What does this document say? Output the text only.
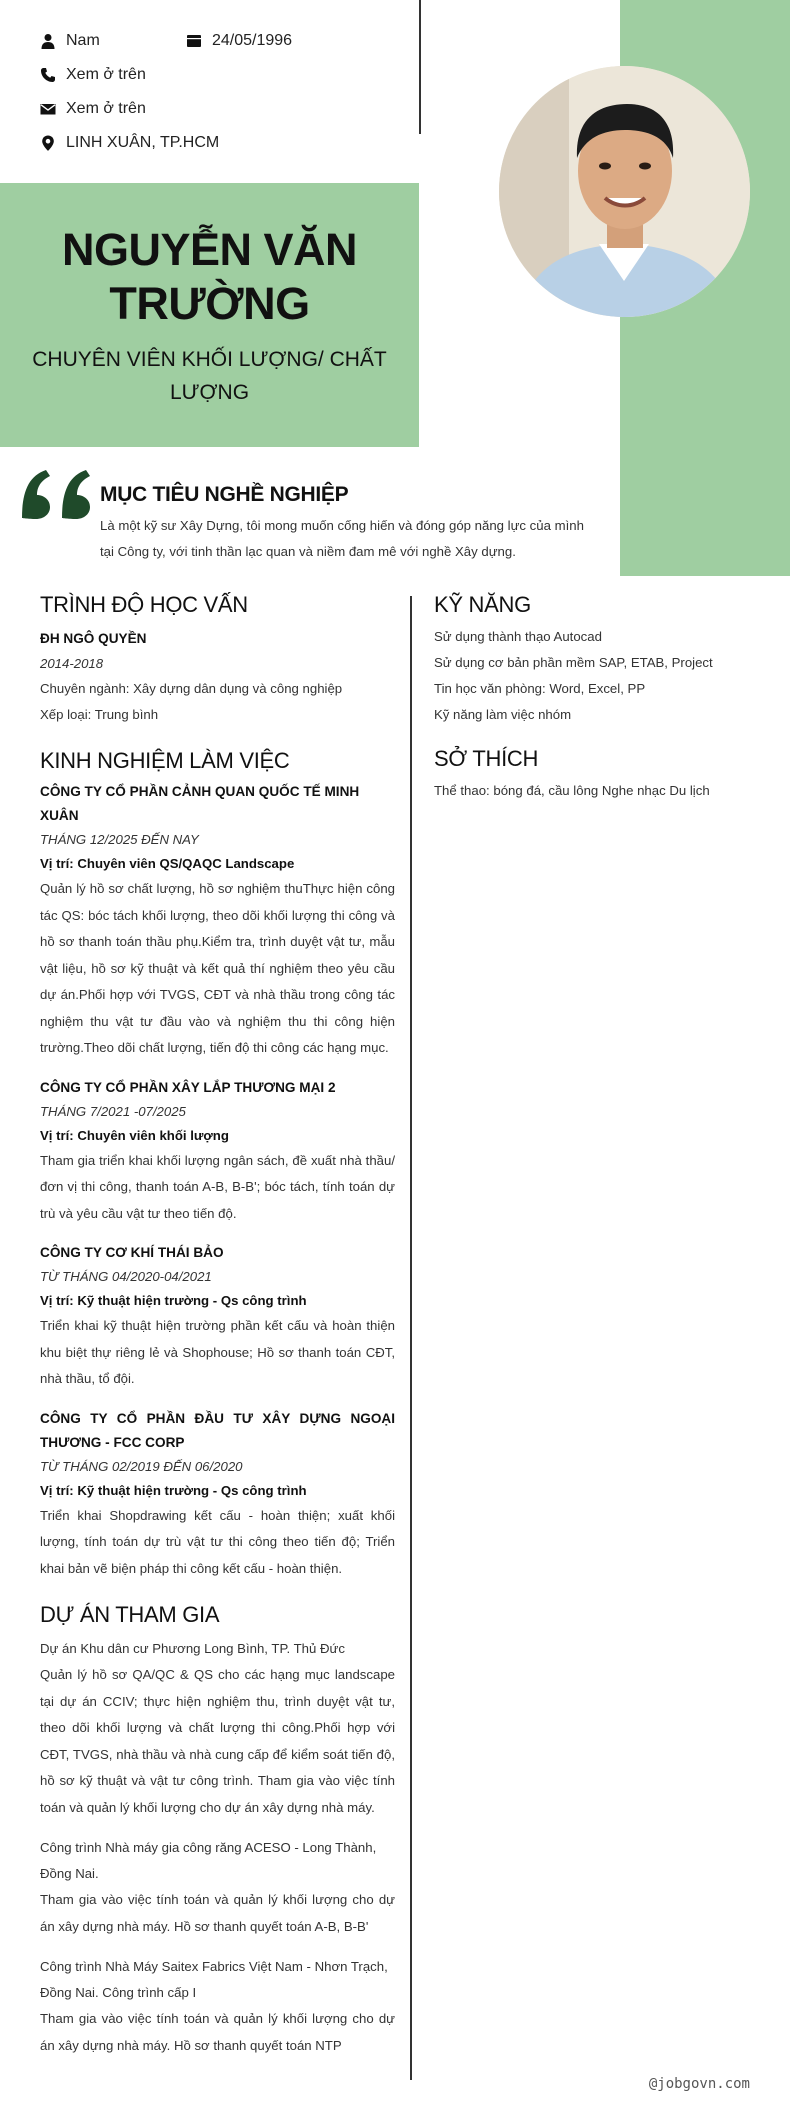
Nam	24/05/1996
Xem ở trên
Xem ở trên
LINH XUÂN, TP.HCM
NGUYỄN VĂN TRƯỜNG
CHUYÊN VIÊN KHỐI LƯỢNG/ CHẤT LƯỢNG
MỤC TIÊU NGHỀ NGHIỆP
Là một kỹ sư Xây Dựng, tôi mong muốn cống hiến và đóng góp năng lực của mình tại Công ty, với tinh thần lạc quan và niềm đam mê với nghề Xây dựng.
TRÌNH ĐỘ HỌC VẤN
ĐH NGÔ QUYỀN
2014-2018
Chuyên ngành: Xây dựng dân dụng và công nghiệp
Xếp loại: Trung bình
KINH NGHIỆM LÀM VIỆC
CÔNG TY CỔ PHẦN CẢNH QUAN QUỐC TẾ MINH XUÂN
THÁNG 12/2025 ĐẾN NAY
Vị trí: Chuyên viên QS/QAQC Landscape
Quản lý hồ sơ chất lượng, hồ sơ nghiệm thuThực hiện công tác QS: bóc tách khối lượng, theo dõi khối lượng thi công và hồ sơ thanh toán thầu phụ.Kiểm tra, trình duyệt vật tư, mẫu vật liệu, hồ sơ kỹ thuật và kết quả thí nghiệm theo yêu cầu dự án.Phối hợp với TVGS, CĐT và nhà thầu trong công tác nghiệm thu vật tư đầu vào và nghiệm thu thi công hiện trường.Theo dõi chất lượng, tiến độ thi công các hạng mục.
CÔNG TY CỔ PHẦN XÂY LẮP THƯƠNG MẠI 2
THÁNG 7/2021 -07/2025
Vị trí: Chuyên viên khối lượng
Tham gia triển khai khối lượng ngân sách, đề xuất nhà thầu/ đơn vị thi công, thanh toán A-B, B-B'; bóc tách, tính toán dự trù và yêu cầu vật tư theo tiến độ.
CÔNG TY CƠ KHÍ THÁI BẢO
TỪ THÁNG 04/2020-04/2021
Vị trí: Kỹ thuật hiện trường - Qs công trình
Triển khai kỹ thuật hiện trường phần kết cấu và hoàn thiện khu biệt thự riêng lẻ và Shophouse; Hồ sơ thanh toán CĐT, nhà thầu, tổ đội.
CÔNG TY CỔ PHẦN ĐẦU TƯ XÂY DỰNG NGOẠI THƯƠNG - FCC CORP
TỪ THÁNG 02/2019 ĐẾN 06/2020
Vị trí: Kỹ thuật hiện trường - Qs công trình
Triển khai Shopdrawing kết cấu - hoàn thiện; xuất khối lượng, tính toán dự trù vật tư thi công theo tiến độ; Triển khai bản vẽ biện pháp thi công kết cấu - hoàn thiện.
DỰ ÁN THAM GIA
Dự án Khu dân cư Phương Long Bình, TP. Thủ Đức
Quản lý hồ sơ QA/QC & QS cho các hạng mục landscape tại dự án CCIV; thực hiện nghiệm thu, trình duyệt vật tư, theo dõi khối lượng và chất lượng thi công.Phối hợp với CĐT, TVGS, nhà thầu và nhà cung cấp để kiểm soát tiến độ, hồ sơ kỹ thuật và vật tư công trình. Tham gia vào việc tính toán và quản lý khối lượng cho dự án xây dựng nhà máy.
Công trình Nhà máy gia công răng ACESO - Long Thành, Đồng Nai.
Tham gia vào việc tính toán và quản lý khối lượng cho dự án xây dựng nhà máy. Hồ sơ thanh quyết toán A-B, B-B'
Công trình Nhà Máy Saitex Fabrics Việt Nam - Nhơn Trạch, Đồng Nai. Công trình cấp I
Tham gia vào việc tính toán và quản lý khối lượng cho dự án xây dựng nhà máy. Hồ sơ thanh quyết toán NTP
KỸ NĂNG
Sử dụng thành thạo Autocad
Sử dụng cơ bản phần mềm SAP, ETAB, Project
Tin học văn phòng: Word, Excel, PP
Kỹ năng làm việc nhóm
SỞ THÍCH
Thể thao: bóng đá, cầu lông Nghe nhạc Du lịch
@jobgovn.com
